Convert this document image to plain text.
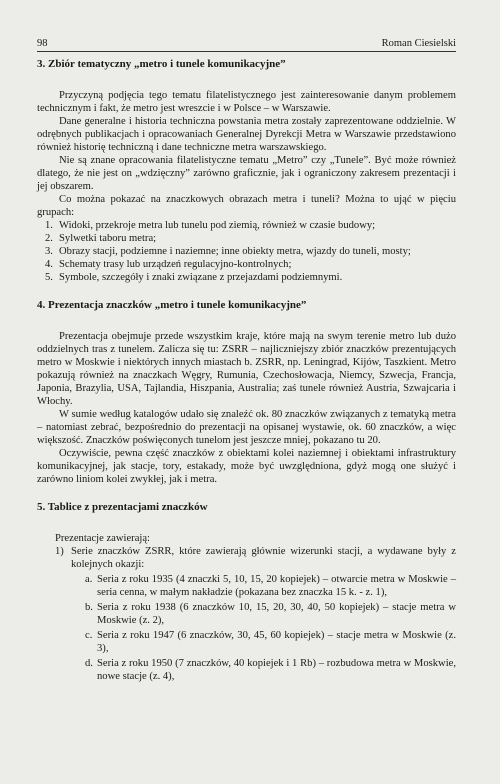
98	Roman Ciesielski
3. Zbiór tematyczny „metro i tunele komunikacyjne”

Przyczyną podjęcia tego tematu filatelistycznego jest zainteresowanie danym problemem technicznym i fakt, że metro jest wreszcie i w Polsce – w Warszawie.

Dane generalne i historia techniczna powstania metra zostały zaprezentowane oddzielnie. W odrębnych publikacjach i opracowaniach Generalnej Dyrekcji Metra w Warszawie przedstawiono również historię techniczną i dane techniczne metra warszawskiego.

Nie są znane opracowania filatelistyczne tematu „Metro” czy „Tunele”. Być może również dlatego, że nie jest on „wdzięczny” zarówno graficznie, jak i ograniczony zakresem prezentacji i jej obszarem.

Co można pokazać na znaczkowych obrazach metra i tuneli? Można to ująć w pięciu grupach:

1. Widoki, przekroje metra lub tunelu pod ziemią, również w czasie budowy;
2. Sylwetki taboru metra;
3. Obrazy stacji, podziemne i naziemne; inne obiekty metra, wjazdy do tuneli, mosty;
4. Schematy trasy lub urządzeń regulacyjno-kontrolnych;
5. Symbole, szczegóły i znaki związane z przejazdami podziemnymi.
4. Prezentacja znaczków „metro i tunele komunikacyjne”

Prezentacja obejmuje przede wszystkim kraje, które mają na swym terenie metro lub dużo oddzielnych tras z tunelem. Zalicza się tu: ZSRR – najliczniejszy zbiór znaczków prezentujących metro w Moskwie i niektórych innych miastach b. ZSRR, np. Leningrad, Kijów, Taszkient. Metro pokazują również na znaczkach Węgry, Rumunia, Czechosłowacja, Niemcy, Szwecja, Francja, Japonia, Brazylia, USA, Tajlandia, Hiszpania, Australia; zaś tunele również Austria, Szwajcaria i Włochy.

W sumie według katalogów udało się znaleźć ok. 80 znaczków związanych z tematyką metra – natomiast zebrać, bezpośrednio do prezentacji na opisanej wystawie, ok. 60 znaczków, a więc większość. Znaczków poświęconych tunelom jest jeszcze mniej, pokazano tu 20.

Oczywiście, pewna część znaczków z obiektami kolei naziemnej i obiektami infrastruktury komunikacyjnej, jak stacje, tory, estakady, może być uwzględniona, gdyż mogą one służyć i zarówno liniom kolei zwykłej, jak i metra.

5. Tablice z prezentacjami znaczków
Prezentacje zawierają:
1) Serie znaczków ZSRR, które zawierają głównie wizerunki stacji, a wydawane były z kolejnych okazji:
a. Seria z roku 1935 (4 znaczki 5, 10, 15, 20 kopiejek) – otwarcie metra w Moskwie – seria cenna, w małym nakładzie (pokazana bez znaczka 15 k. - z. 1),
b. Seria z roku 1938 (6 znaczków 10, 15, 20, 30, 40, 50 kopiejek) – stacje metra w Moskwie (z. 2),
c. Seria z roku 1947 (6 znaczków, 30, 45, 60 kopiejek) – stacje metra w Moskwie (z. 3),
d. Seria z roku 1950 (7 znaczków, 40 kopiejek i 1 Rb) – rozbudowa metra w Moskwie, nowe stacje (z. 4),
